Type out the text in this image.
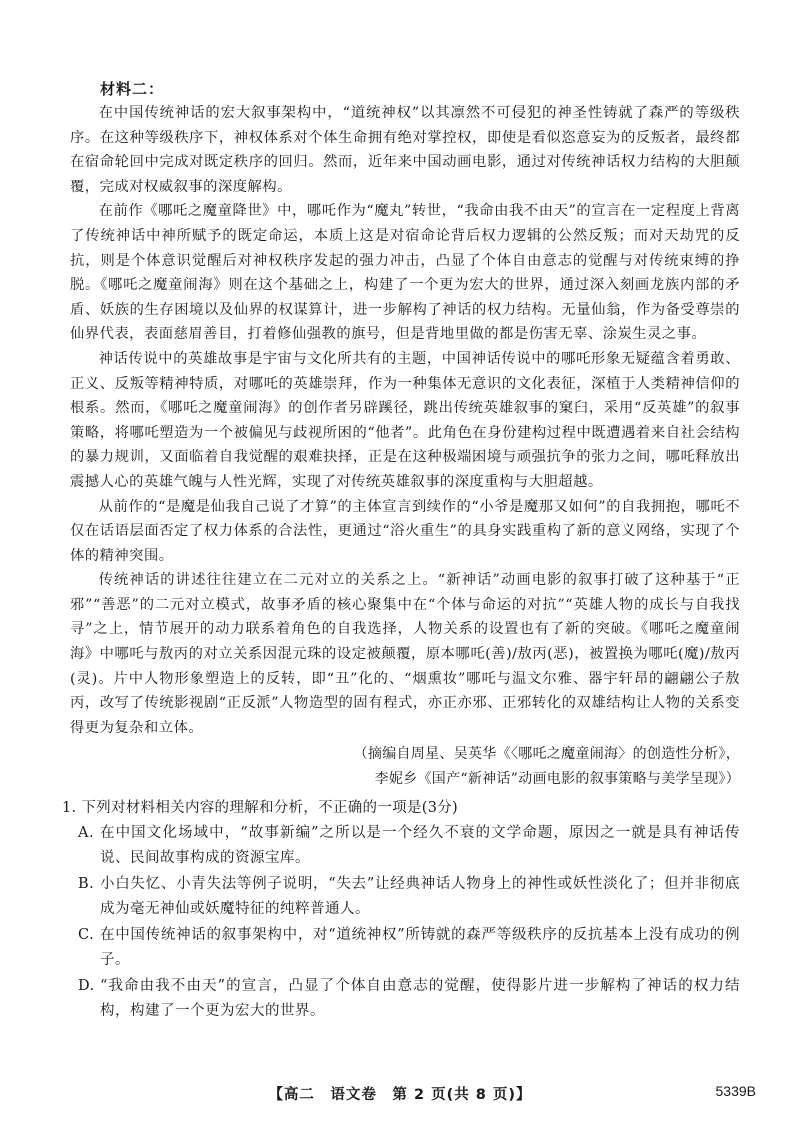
材料二：

在中国传统神话的宏大叙事架构中，“道统神权”以其凛然不可侵犯的神圣性铸就了森严的等级秩序。在这种等级秩序下，神权体系对个体生命拥有绝对掌控权，即使是看似恣意妄为的反叛者，最终都在宿命轮回中完成对既定秩序的回归。然而，近年来中国动画电影，通过对传统神话权力结构的大胆颠覆，完成对权威叙事的深度解构。

在前作《哪吒之魔童降世》中，哪吒作为“魔丸”转世，“我命由我不由天”的宣言在一定程度上背离了传统神话中神所赋予的既定命运，本质上这是对宿命论背后权力逻辑的公然反叛；而对天劫咒的反抗，则是个体意识觉醒后对神权秩序发起的强力冲击，凸显了个体自由意志的觉醒与对传统束缚的挣脱。《哪吒之魔童闹海》则在这个基础之上，构建了一个更为宏大的世界，通过深入刻画龙族内部的矛盾、妖族的生存困境以及仙界的权谋算计，进一步解构了神话的权力结构。无量仙翁，作为备受尊崇的仙界代表，表面慈眉善目，打着修仙强教的旗号，但是背地里做的都是伤害无辜、涂炭生灵之事。

神话传说中的英雄故事是宇宙与文化所共有的主题，中国神话传说中的哪吒形象无疑蕴含着勇敢、正义、反叛等精神特质，对哪吒的英雄崇拜，作为一种集体无意识的文化表征，深植于人类精神信仰的根系。然而，《哪吒之魔童闹海》的创作者另辟蹊径，跳出传统英雄叙事的窠臼，采用“反英雄”的叙事策略，将哪吒塑造为一个被偏见与歧视所困的“他者”。此角色在身份建构过程中既遭遇着来自社会结构的暴力规训，又面临着自我觉醒的艰难抉择，正是在这种极端困境与顽强抗争的张力之间，哪吒释放出震撼人心的英雄气魄与人性光辉，实现了对传统英雄叙事的深度重构与大胆超越。

从前作的“是魔是仙我自己说了才算”的主体宣言到续作的“小爷是魔那又如何”的自我拥抱，哪吒不仅在话语层面否定了权力体系的合法性，更通过“浴火重生”的具身实践重构了新的意义网络，实现了个体的精神突围。

传统神话的讲述往往建立在二元对立的关系之上。“新神话”动画电影的叙事打破了这种基于“正邪”“善恶”的二元对立模式，故事矛盾的核心聚集中在“个体与命运的对抗”“英雄人物的成长与自我找寻”之上，情节展开的动力联系着角色的自我选择，人物关系的设置也有了新的突破。《哪吒之魔童闹海》中哪吒与敖丙的对立关系因混元珠的设定被颠覆，原本哪吒(善)/敖丙(恶)，被置换为哪吒(魔)/敖丙(灵)。片中人物形象塑造上的反转，即“丑”化的、“烟熏妆”哪吒与温文尔雅、器宇轩昂的翩翩公子敖丙，改写了传统影视剧“正反派”人物造型的固有程式，亦正亦邪、正邪转化的双雄结构让人物的关系变得更为复杂和立体。

（摘编自周星、吴英华《〈哪吒之魔童闹海〉的创造性分析》，
李妮乡《国产“新神话”动画电影的叙事策略与美学呈现》）
1. 下列对材料相关内容的理解和分析，不正确的一项是(3分)
A. 在中国文化场域中，“故事新编”之所以是一个经久不衰的文学命题，原因之一就是具有神话传说、民间故事构成的资源宝库。
B. 小白失忆、小青失法等例子说明，“失去”让经典神话人物身上的神性或妖性淡化了；但并非彻底成为毫无神仙或妖魔特征的纯粹普通人。
C. 在中国传统神话的叙事架构中，对“道统神权”所铸就的森严等级秩序的反抗基本上没有成功的例子。
D. “我命由我不由天”的宣言，凸显了个体自由意志的觉醒，使得影片进一步解构了神话的权力结构，构建了一个更为宏大的世界。
【高二　语文卷　第 2 页(共 8 页)】	5339B
